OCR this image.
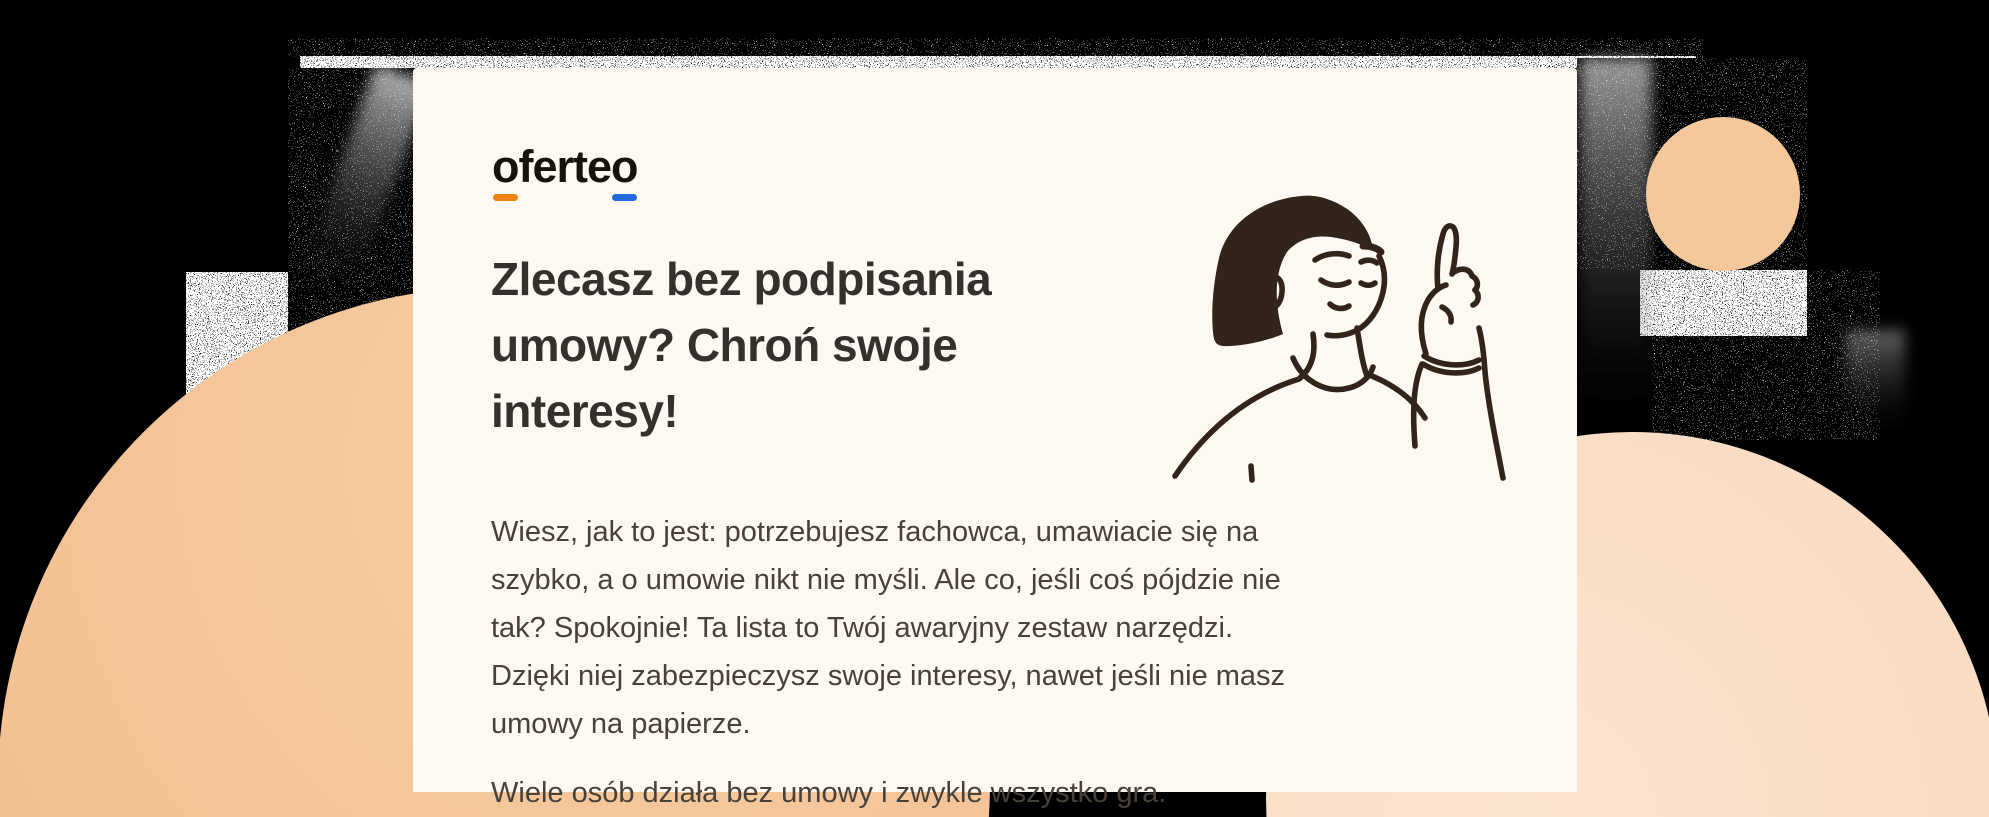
oferteo
Zlecasz bez podpisania
umowy? Chroń swoje
interesy!
Wiesz, jak to jest: potrzebujesz fachowca, umawiacie się na
szybko, a o umowie nikt nie myśli. Ale co, jeśli coś pójdzie nie
tak? Spokojnie! Ta lista to Twój awaryjny zestaw narzędzi.
Dzięki niej zabezpieczysz swoje interesy, nawet jeśli nie masz
umowy na papierze.
Wiele osób działa bez umowy i zwykle wszystko gra.
